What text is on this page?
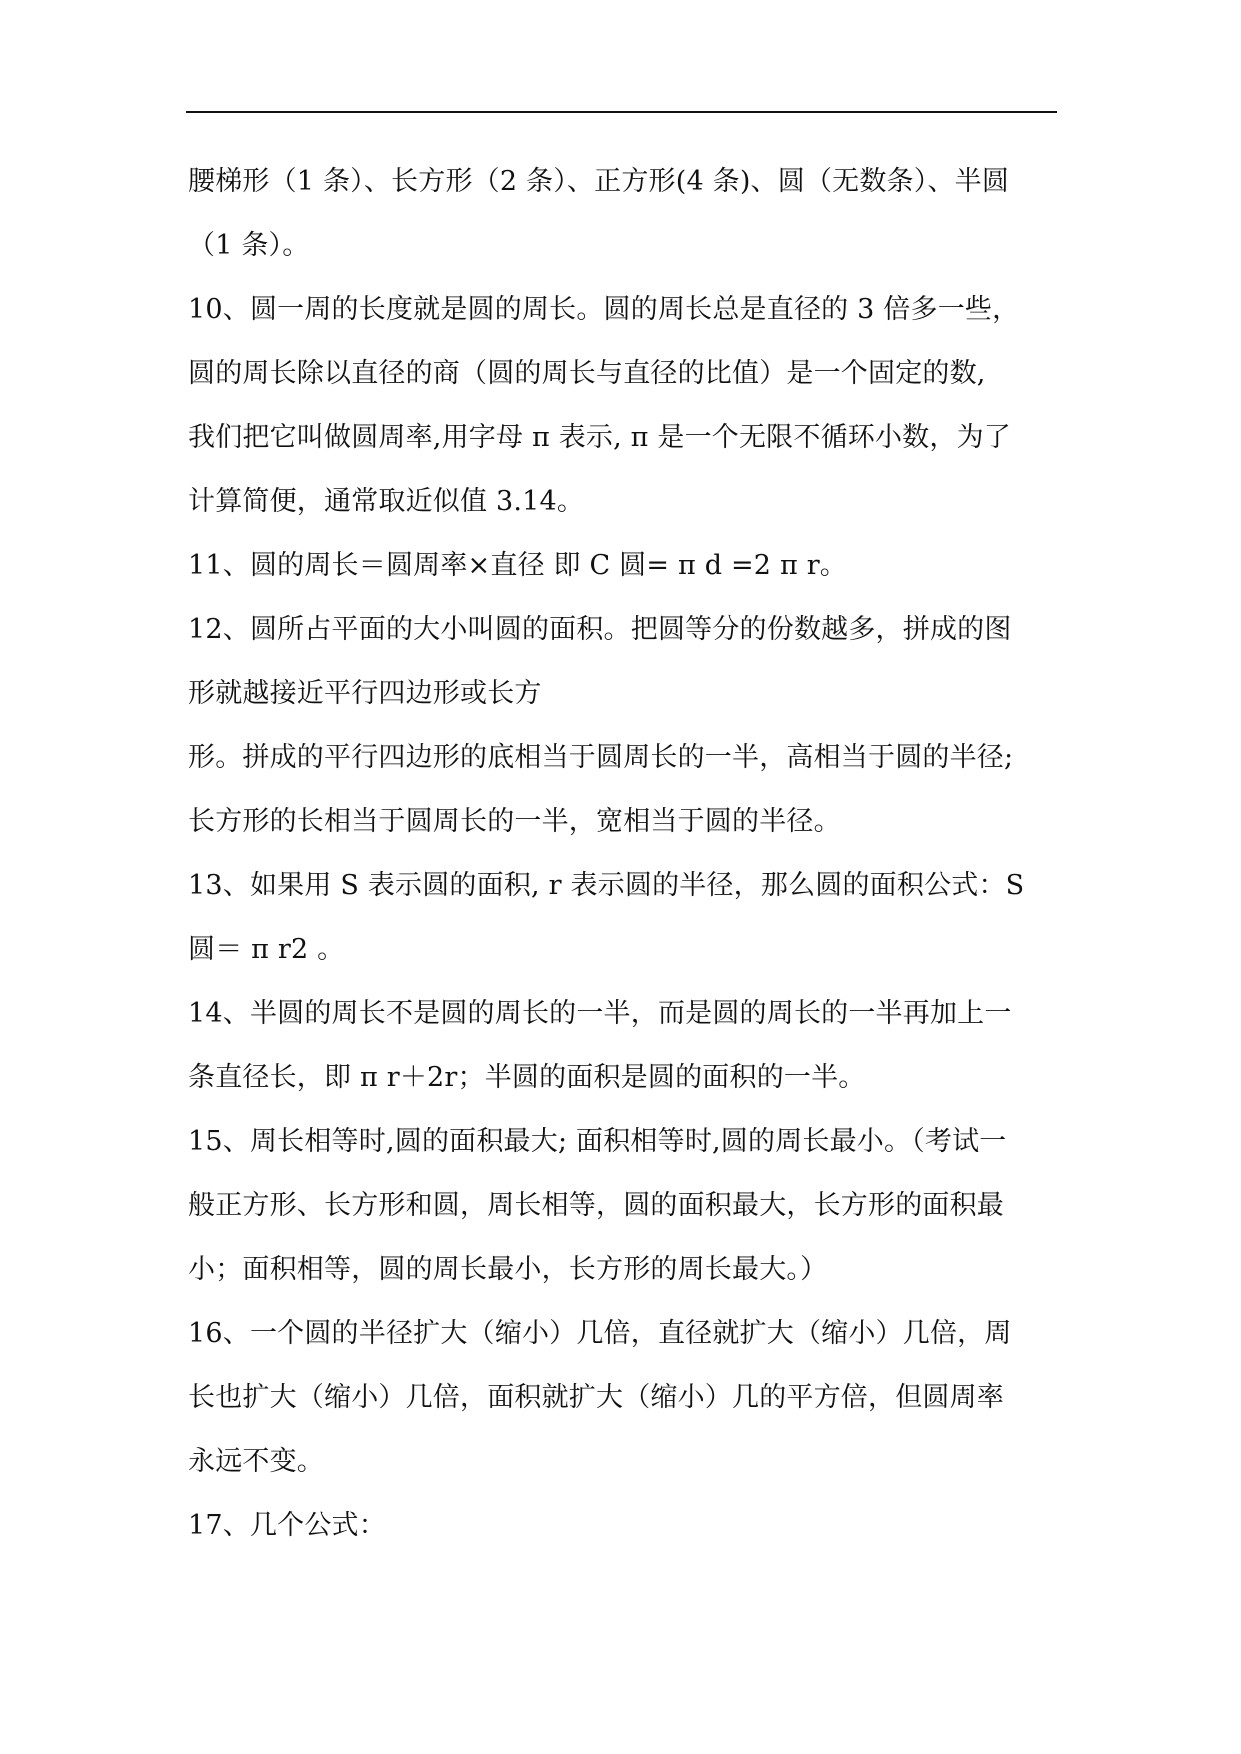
腰梯形（1 条）、长方形（2 条）、正方形(4 条)、圆（无数条）、半圆
（1 条）。
10、圆一周的长度就是圆的周长。圆的周长总是直径的 3 倍多一些，
圆的周长除以直径的商（圆的周长与直径的比值）是一个固定的数,
我们把它叫做圆周率,用字母 π 表示, π 是一个无限不循环小数，为了
计算简便，通常取近似值 3.14。
11、圆的周长＝圆周率×直径 即 C 圆= π d =2 π r。
12、圆所占平面的大小叫圆的面积。把圆等分的份数越多，拼成的图
形就越接近平行四边形或长方
形。拼成的平行四边形的底相当于圆周长的一半，高相当于圆的半径;
长方形的长相当于圆周长的一半，宽相当于圆的半径。
13、如果用 S 表示圆的面积, r 表示圆的半径，那么圆的面积公式：S
圆＝ π r2 。
14、半圆的周长不是圆的周长的一半，而是圆的周长的一半再加上一
条直径长，即 π r＋2r；半圆的面积是圆的面积的一半。
15、周长相等时,圆的面积最大; 面积相等时,圆的周长最小。（考试一
般正方形、长方形和圆，周长相等，圆的面积最大，长方形的面积最
小；面积相等，圆的周长最小，长方形的周长最大。）
16、一个圆的半径扩大（缩小）几倍，直径就扩大（缩小）几倍，周
长也扩大（缩小）几倍，面积就扩大（缩小）几的平方倍，但圆周率
永远不变。
17、几个公式：
